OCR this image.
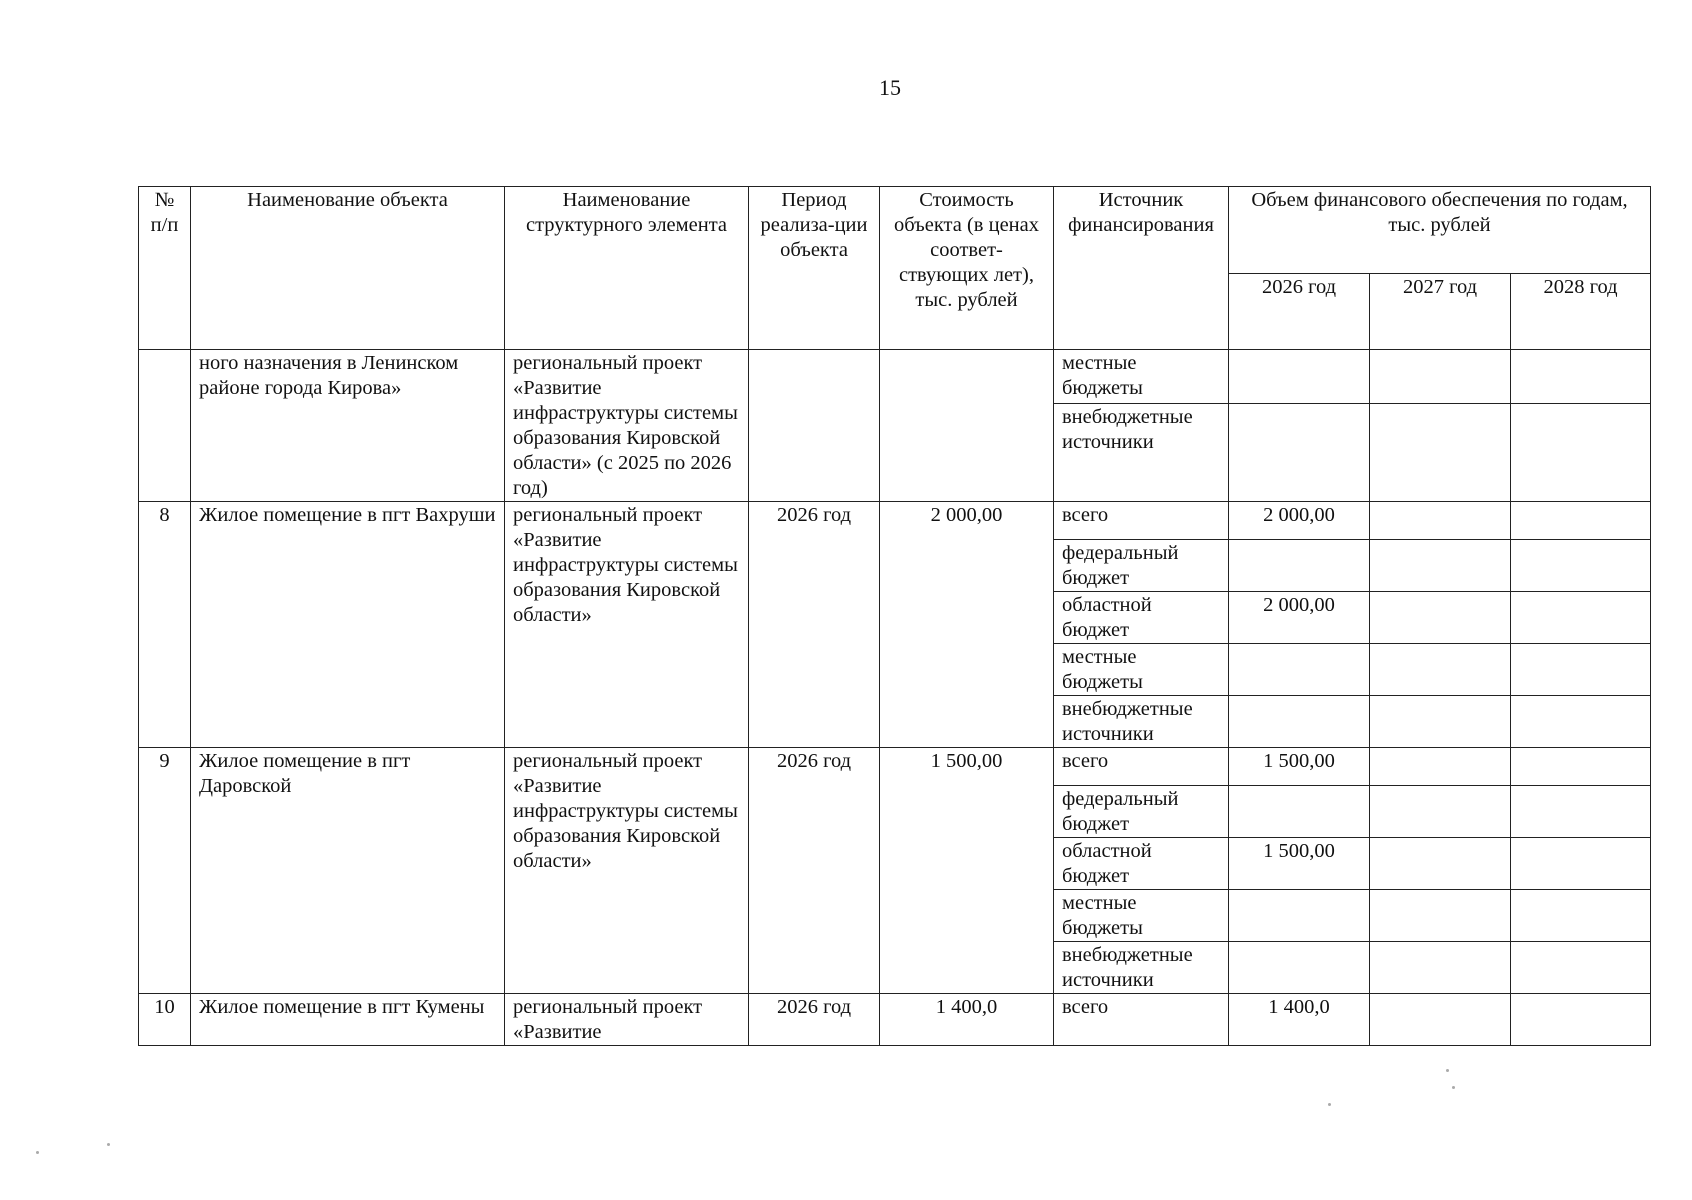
15
№ п/п	Наименование объекта	Наименование структурного элемента	Период реализа-ции объекта	Стоимость объекта (в ценах соответ-ствующих лет), тыс. рублей	Источник финансирования	Объем финансового обеспечения по годам, тыс. рублей		
						2026 год	2027 год	2028 год
	ного назначения в Ленинском районе города Кирова»	региональный проект «Развитие инфраструктуры системы образования Кировской области» (с 2025 по 2026 год)			местные бюджеты			
					внебюджетные источники			
8	Жилое помещение в пгт Вахруши	региональный проект «Развитие инфраструктуры системы образования Кировской области»	2026 год	2 000,00	всего	2 000,00		
					федеральный бюджет			
					областной бюджет	2 000,00		
					местные бюджеты			
					внебюджетные источники			
9	Жилое помещение в пгт Даровской	региональный проект «Развитие инфраструктуры системы образования Кировской области»	2026 год	1 500,00	всего	1 500,00		
					федеральный бюджет			
					областной бюджет	1 500,00		
					местные бюджеты			
					внебюджетные источники			
10	Жилое помещение в пгт Кумены	региональный проект «Развитие	2026 год	1 400,0	всего	1 400,0		
